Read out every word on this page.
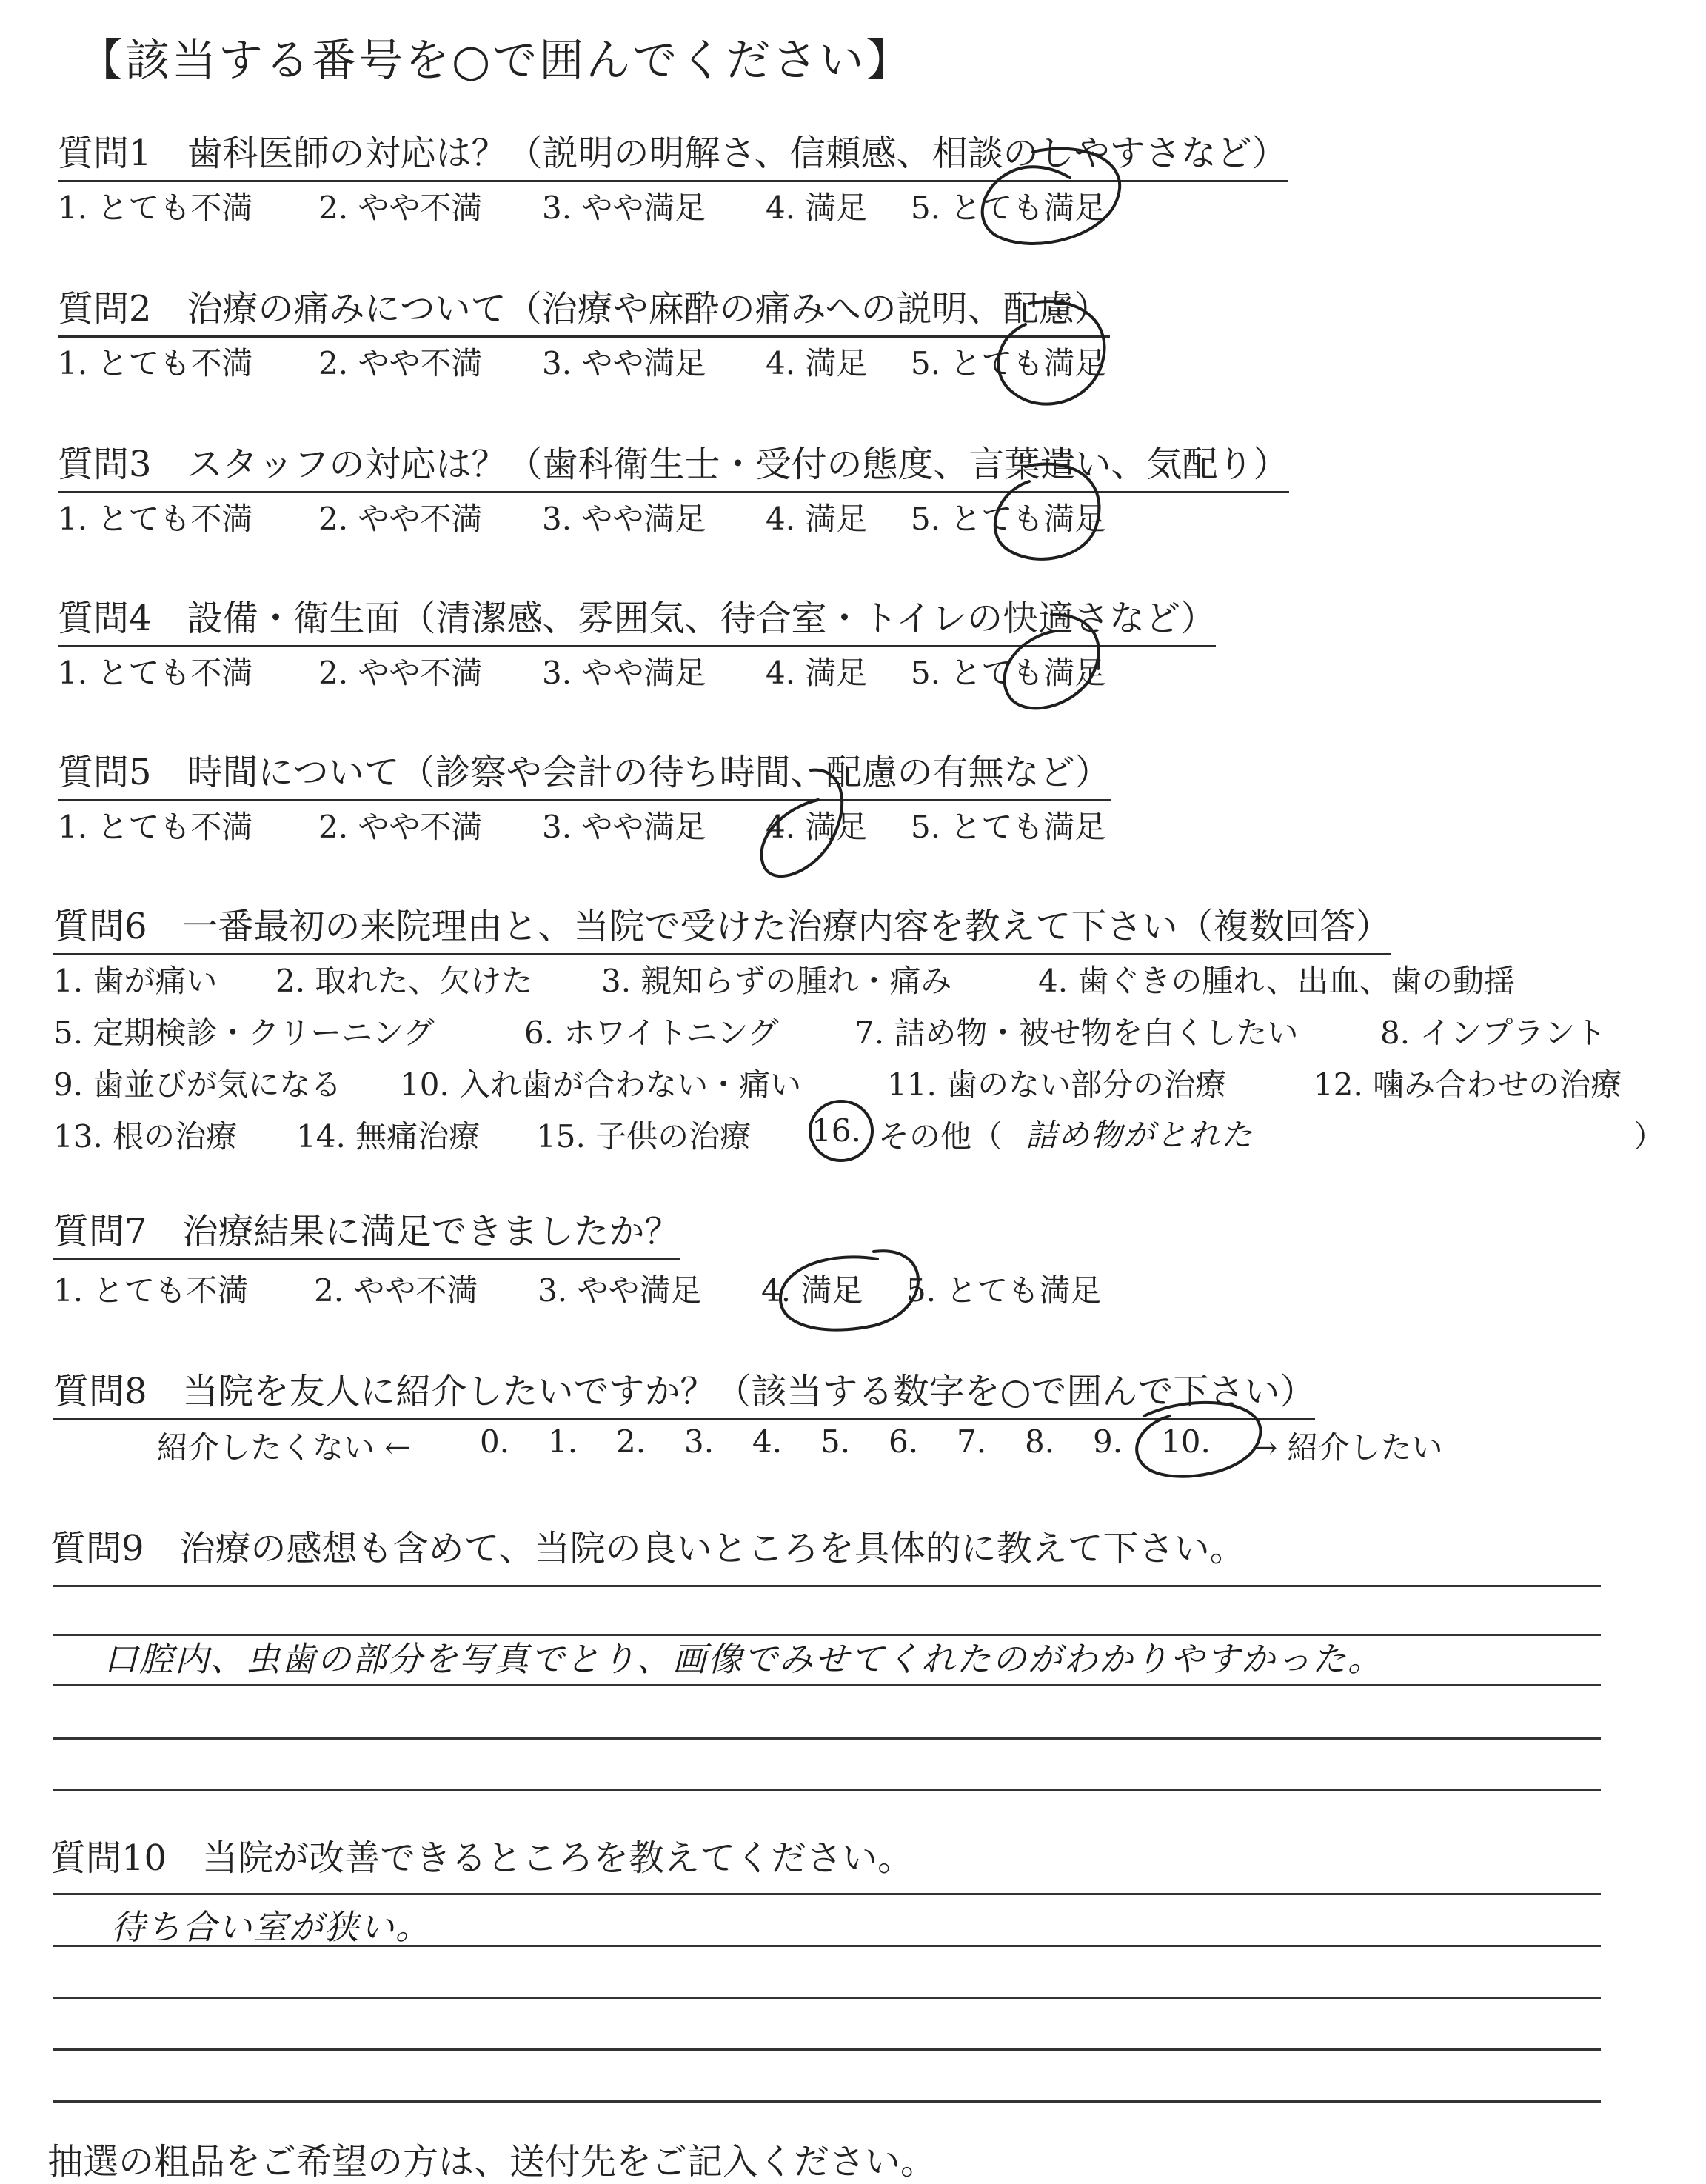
【該当する番号を○で囲んでください】
質問1　歯科医師の対応は？（説明の明解さ、信頼感、相談のしやすさなど）
1. とても不満	2. やや不満	3. やや満足	4. 満足	5. とても満足
質問2　治療の痛みについて（治療や麻酔の痛みへの説明、配慮）
1. とても不満	2. やや不満	3. やや満足	4. 満足	5. とても満足
質問3　スタッフの対応は？（歯科衛生士・受付の態度、言葉遣い、気配り）
1. とても不満	2. やや不満	3. やや満足	4. 満足	5. とても満足
質問4　設備・衛生面（清潔感、雰囲気、待合室・トイレの快適さなど）
1. とても不満	2. やや不満	3. やや満足	4. 満足	5. とても満足
質問5　時間について（診察や会計の待ち時間、配慮の有無など）
1. とても不満	2. やや不満	3. やや満足	4. 満足	5. とても満足
質問6　一番最初の来院理由と、当院で受けた治療内容を教えて下さい（複数回答）
1. 歯が痛い	2. 取れた、欠けた	3. 親知らずの腫れ・痛み	4. 歯ぐきの腫れ、出血、歯の動揺
5. 定期検診・クリーニング	6. ホワイトニング	7. 詰め物・被せ物を白くしたい	8. インプラント
9. 歯並びが気になる	10. 入れ歯が合わない・痛い	11. 歯のない部分の治療	12. 噛み合わせの治療
13. 根の治療	14. 無痛治療	15. 子供の治療	16. その他（	）
詰め物がとれた
質問7　治療結果に満足できましたか？
1. とても不満	2. やや不満	3. やや満足	4. 満足	5. とても満足
質問8　当院を友人に紹介したいですか？（該当する数字を○で囲んで下さい）
紹介したくない ←	0.	1.	2.	3.	4.	5.	6.	7.	8.	9.	10.	→ 紹介したい
質問9　治療の感想も含めて、当院の良いところを具体的に教えて下さい。
口腔内、虫歯の部分を写真でとり、画像でみせてくれたのがわかりやすかった。
質問10　当院が改善できるところを教えてください。
待ち合い室が狭い。
抽選の粗品をご希望の方は、送付先をご記入ください。
